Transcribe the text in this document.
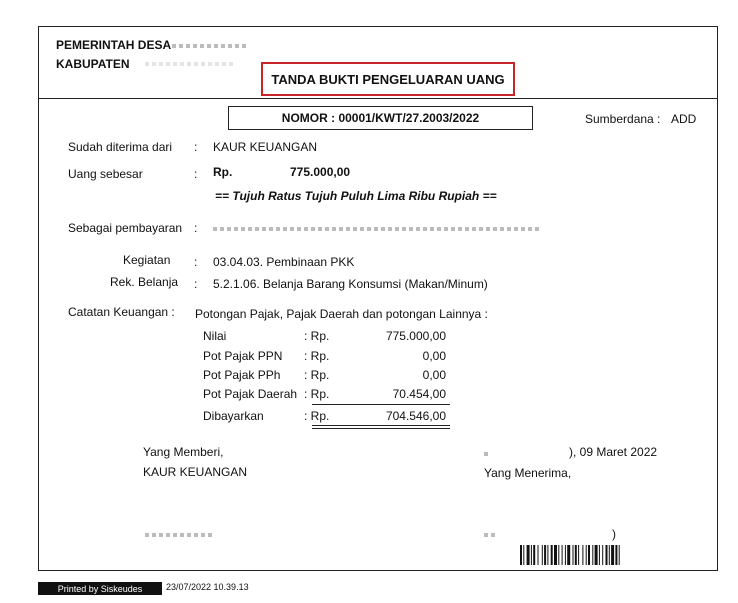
PEMERINTAH DESA
KABUPATEN
TANDA BUKTI PENGELUARAN UANG
NOMOR : 00001/KWT/27.2003/2022	Sumberdana : ADD
Sudah diterima dari : KAUR KEUANGAN
Uang sebesar	: Rp.	775.000,00
== Tujuh Ratus Tujuh Puluh Lima Ribu Rupiah ==
Sebagai pembayaran :
Kegiatan : 03.04.03. Pembinaan PKK
Rek. Belanja : 5.2.1.06. Belanja Barang Konsumsi (Makan/Minum)
Catatan Keuangan : Potongan Pajak, Pajak Daerah dan potongan Lainnya :
Nilai	: Rp.	775.000,00
Pot Pajak PPN : Rp.	0,00
Pot Pajak PPh : Rp.	0,00
Pot Pajak Daerah : Rp.	70.454,00
Dibayarkan	: Rp.	704.546,00
Yang Memberi,
KAUR KEUANGAN
), 09 Maret 2022
Yang Menerima,
)
Printed by Siskeudes	23/07/2022 10.39.13
